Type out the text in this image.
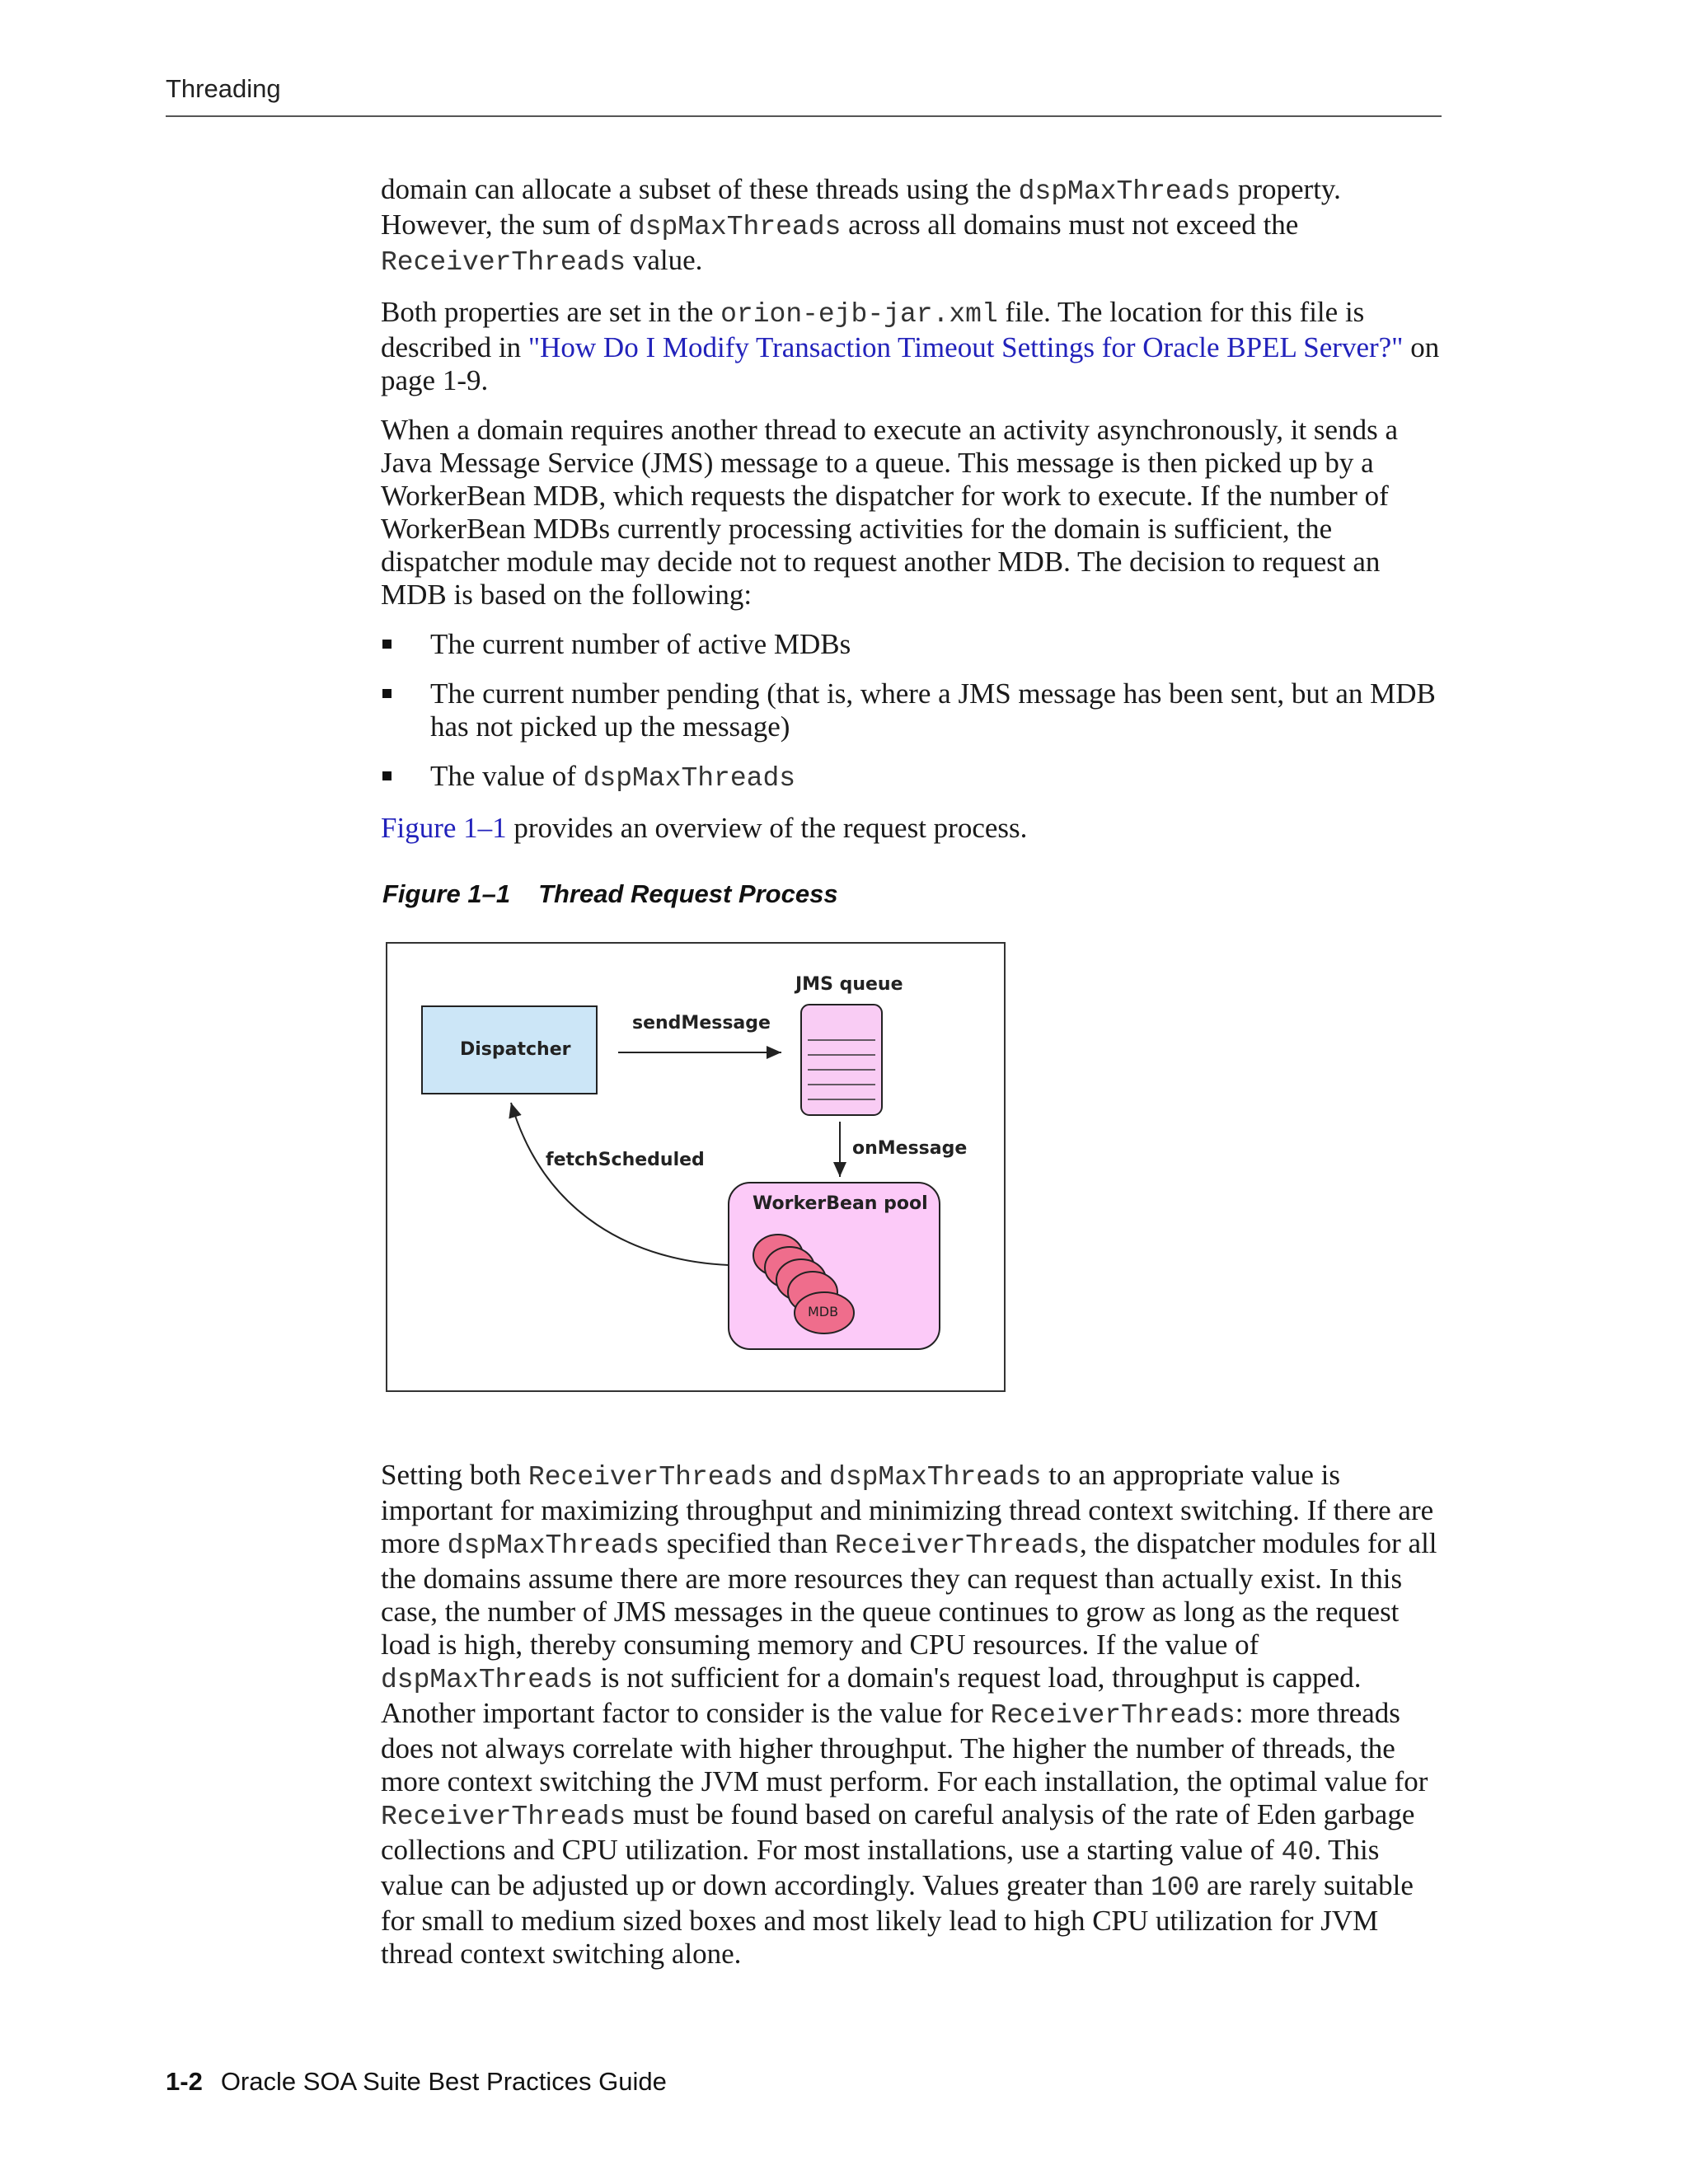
Threading

domain can allocate a subset of these threads using the dspMaxThreads property. However, the sum of dspMaxThreads across all domains must not exceed the ReceiverThreads value.

Both properties are set in the orion-ejb-jar.xml file. The location for this file is described in "How Do I Modify Transaction Timeout Settings for Oracle BPEL Server?" on page 1-9.

When a domain requires another thread to execute an activity asynchronously, it sends a Java Message Service (JMS) message to a queue. This message is then picked up by a WorkerBean MDB, which requests the dispatcher for work to execute. If the number of WorkerBean MDBs currently processing activities for the domain is sufficient, the dispatcher module may decide not to request another MDB. The decision to request an MDB is based on the following:

The current number of active MDBs
The current number pending (that is, where a JMS message has been sent, but an MDB has not picked up the message)
The value of dspMaxThreads

Figure 1–1 provides an overview of the request process.

Figure 1–1 Thread Request Process
Dispatcher
sendMessage
JMS queue
onMessage
fetchScheduled
WorkerBean pool
MDB

Setting both ReceiverThreads and dspMaxThreads to an appropriate value is important for maximizing throughput and minimizing thread context switching. If there are more dspMaxThreads specified than ReceiverThreads, the dispatcher modules for all the domains assume there are more resources they can request than actually exist. In this case, the number of JMS messages in the queue continues to grow as long as the request load is high, thereby consuming memory and CPU resources. If the value of dspMaxThreads is not sufficient for a domain's request load, throughput is capped. Another important factor to consider is the value for ReceiverThreads: more threads does not always correlate with higher throughput. The higher the number of threads, the more context switching the JVM must perform. For each installation, the optimal value for ReceiverThreads must be found based on careful analysis of the rate of Eden garbage collections and CPU utilization. For most installations, use a starting value of 40. This value can be adjusted up or down accordingly. Values greater than 100 are rarely suitable for small to medium sized boxes and most likely lead to high CPU utilization for JVM thread context switching alone.

1-2 Oracle SOA Suite Best Practices Guide
